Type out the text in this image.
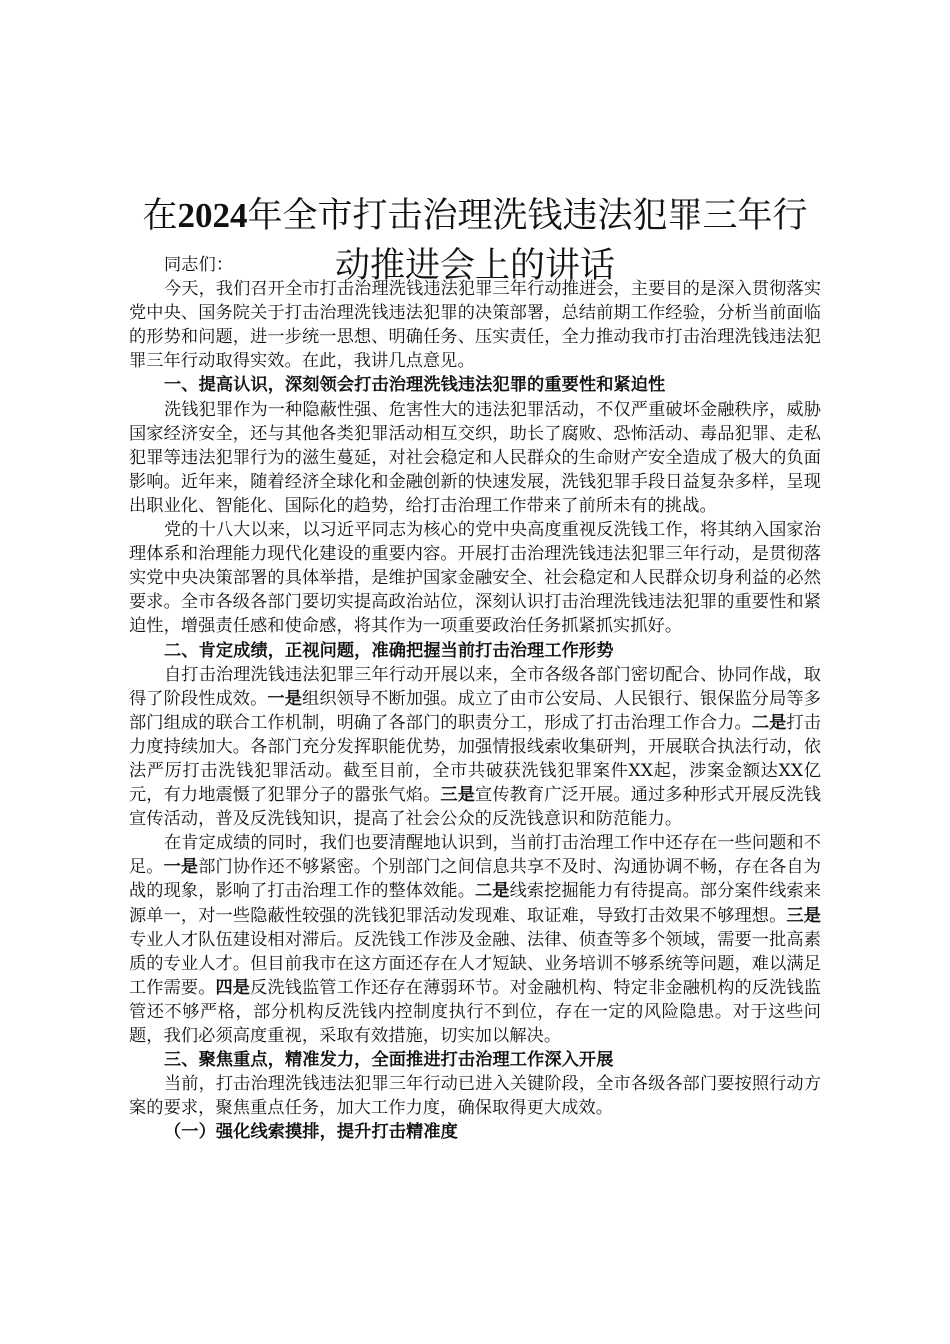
在2024年全市打击治理洗钱违法犯罪三年行动推进会上的讲话

同志们：

今天，我们召开全市打击治理洗钱违法犯罪三年行动推进会，主要目的是深入贯彻落实党中央、国务院关于打击治理洗钱违法犯罪的决策部署，总结前期工作经验，分析当前面临的形势和问题，进一步统一思想、明确任务、压实责任，全力推动我市打击治理洗钱违法犯罪三年行动取得实效。在此，我讲几点意见。

一、提高认识，深刻领会打击治理洗钱违法犯罪的重要性和紧迫性

洗钱犯罪作为一种隐蔽性强、危害性大的违法犯罪活动，不仅严重破坏金融秩序，威胁国家经济安全，还与其他各类犯罪活动相互交织，助长了腐败、恐怖活动、毒品犯罪、走私犯罪等违法犯罪行为的滋生蔓延，对社会稳定和人民群众的生命财产安全造成了极大的负面影响。近年来，随着经济全球化和金融创新的快速发展，洗钱犯罪手段日益复杂多样，呈现出职业化、智能化、国际化的趋势，给打击治理工作带来了前所未有的挑战。

党的十八大以来，以习近平同志为核心的党中央高度重视反洗钱工作，将其纳入国家治理体系和治理能力现代化建设的重要内容。开展打击治理洗钱违法犯罪三年行动，是贯彻落实党中央决策部署的具体举措，是维护国家金融安全、社会稳定和人民群众切身利益的必然要求。全市各级各部门要切实提高政治站位，深刻认识打击治理洗钱违法犯罪的重要性和紧迫性，增强责任感和使命感，将其作为一项重要政治任务抓紧抓实抓好。

二、肯定成绩，正视问题，准确把握当前打击治理工作形势

自打击治理洗钱违法犯罪三年行动开展以来，全市各级各部门密切配合、协同作战，取得了阶段性成效。一是组织领导不断加强。成立了由市公安局、人民银行、银保监分局等多部门组成的联合工作机制，明确了各部门的职责分工，形成了打击治理工作合力。二是打击力度持续加大。各部门充分发挥职能优势，加强情报线索收集研判，开展联合执法行动，依法严厉打击洗钱犯罪活动。截至目前，全市共破获洗钱犯罪案件XX起，涉案金额达XX亿元，有力地震慑了犯罪分子的嚣张气焰。三是宣传教育广泛开展。通过多种形式开展反洗钱宣传活动，普及反洗钱知识，提高了社会公众的反洗钱意识和防范能力。

在肯定成绩的同时，我们也要清醒地认识到，当前打击治理工作中还存在一些问题和不足。一是部门协作还不够紧密。个别部门之间信息共享不及时、沟通协调不畅，存在各自为战的现象，影响了打击治理工作的整体效能。二是线索挖掘能力有待提高。部分案件线索来源单一，对一些隐蔽性较强的洗钱犯罪活动发现难、取证难，导致打击效果不够理想。三是专业人才队伍建设相对滞后。反洗钱工作涉及金融、法律、侦查等多个领域，需要一批高素质的专业人才。但目前我市在这方面还存在人才短缺、业务培训不够系统等问题，难以满足工作需要。四是反洗钱监管工作还存在薄弱环节。对金融机构、特定非金融机构的反洗钱监管还不够严格，部分机构反洗钱内控制度执行不到位，存在一定的风险隐患。对于这些问题，我们必须高度重视，采取有效措施，切实加以解决。

三、聚焦重点，精准发力，全面推进打击治理工作深入开展

当前，打击治理洗钱违法犯罪三年行动已进入关键阶段，全市各级各部门要按照行动方案的要求，聚焦重点任务，加大工作力度，确保取得更大成效。

（一）强化线索摸排，提升打击精准度
